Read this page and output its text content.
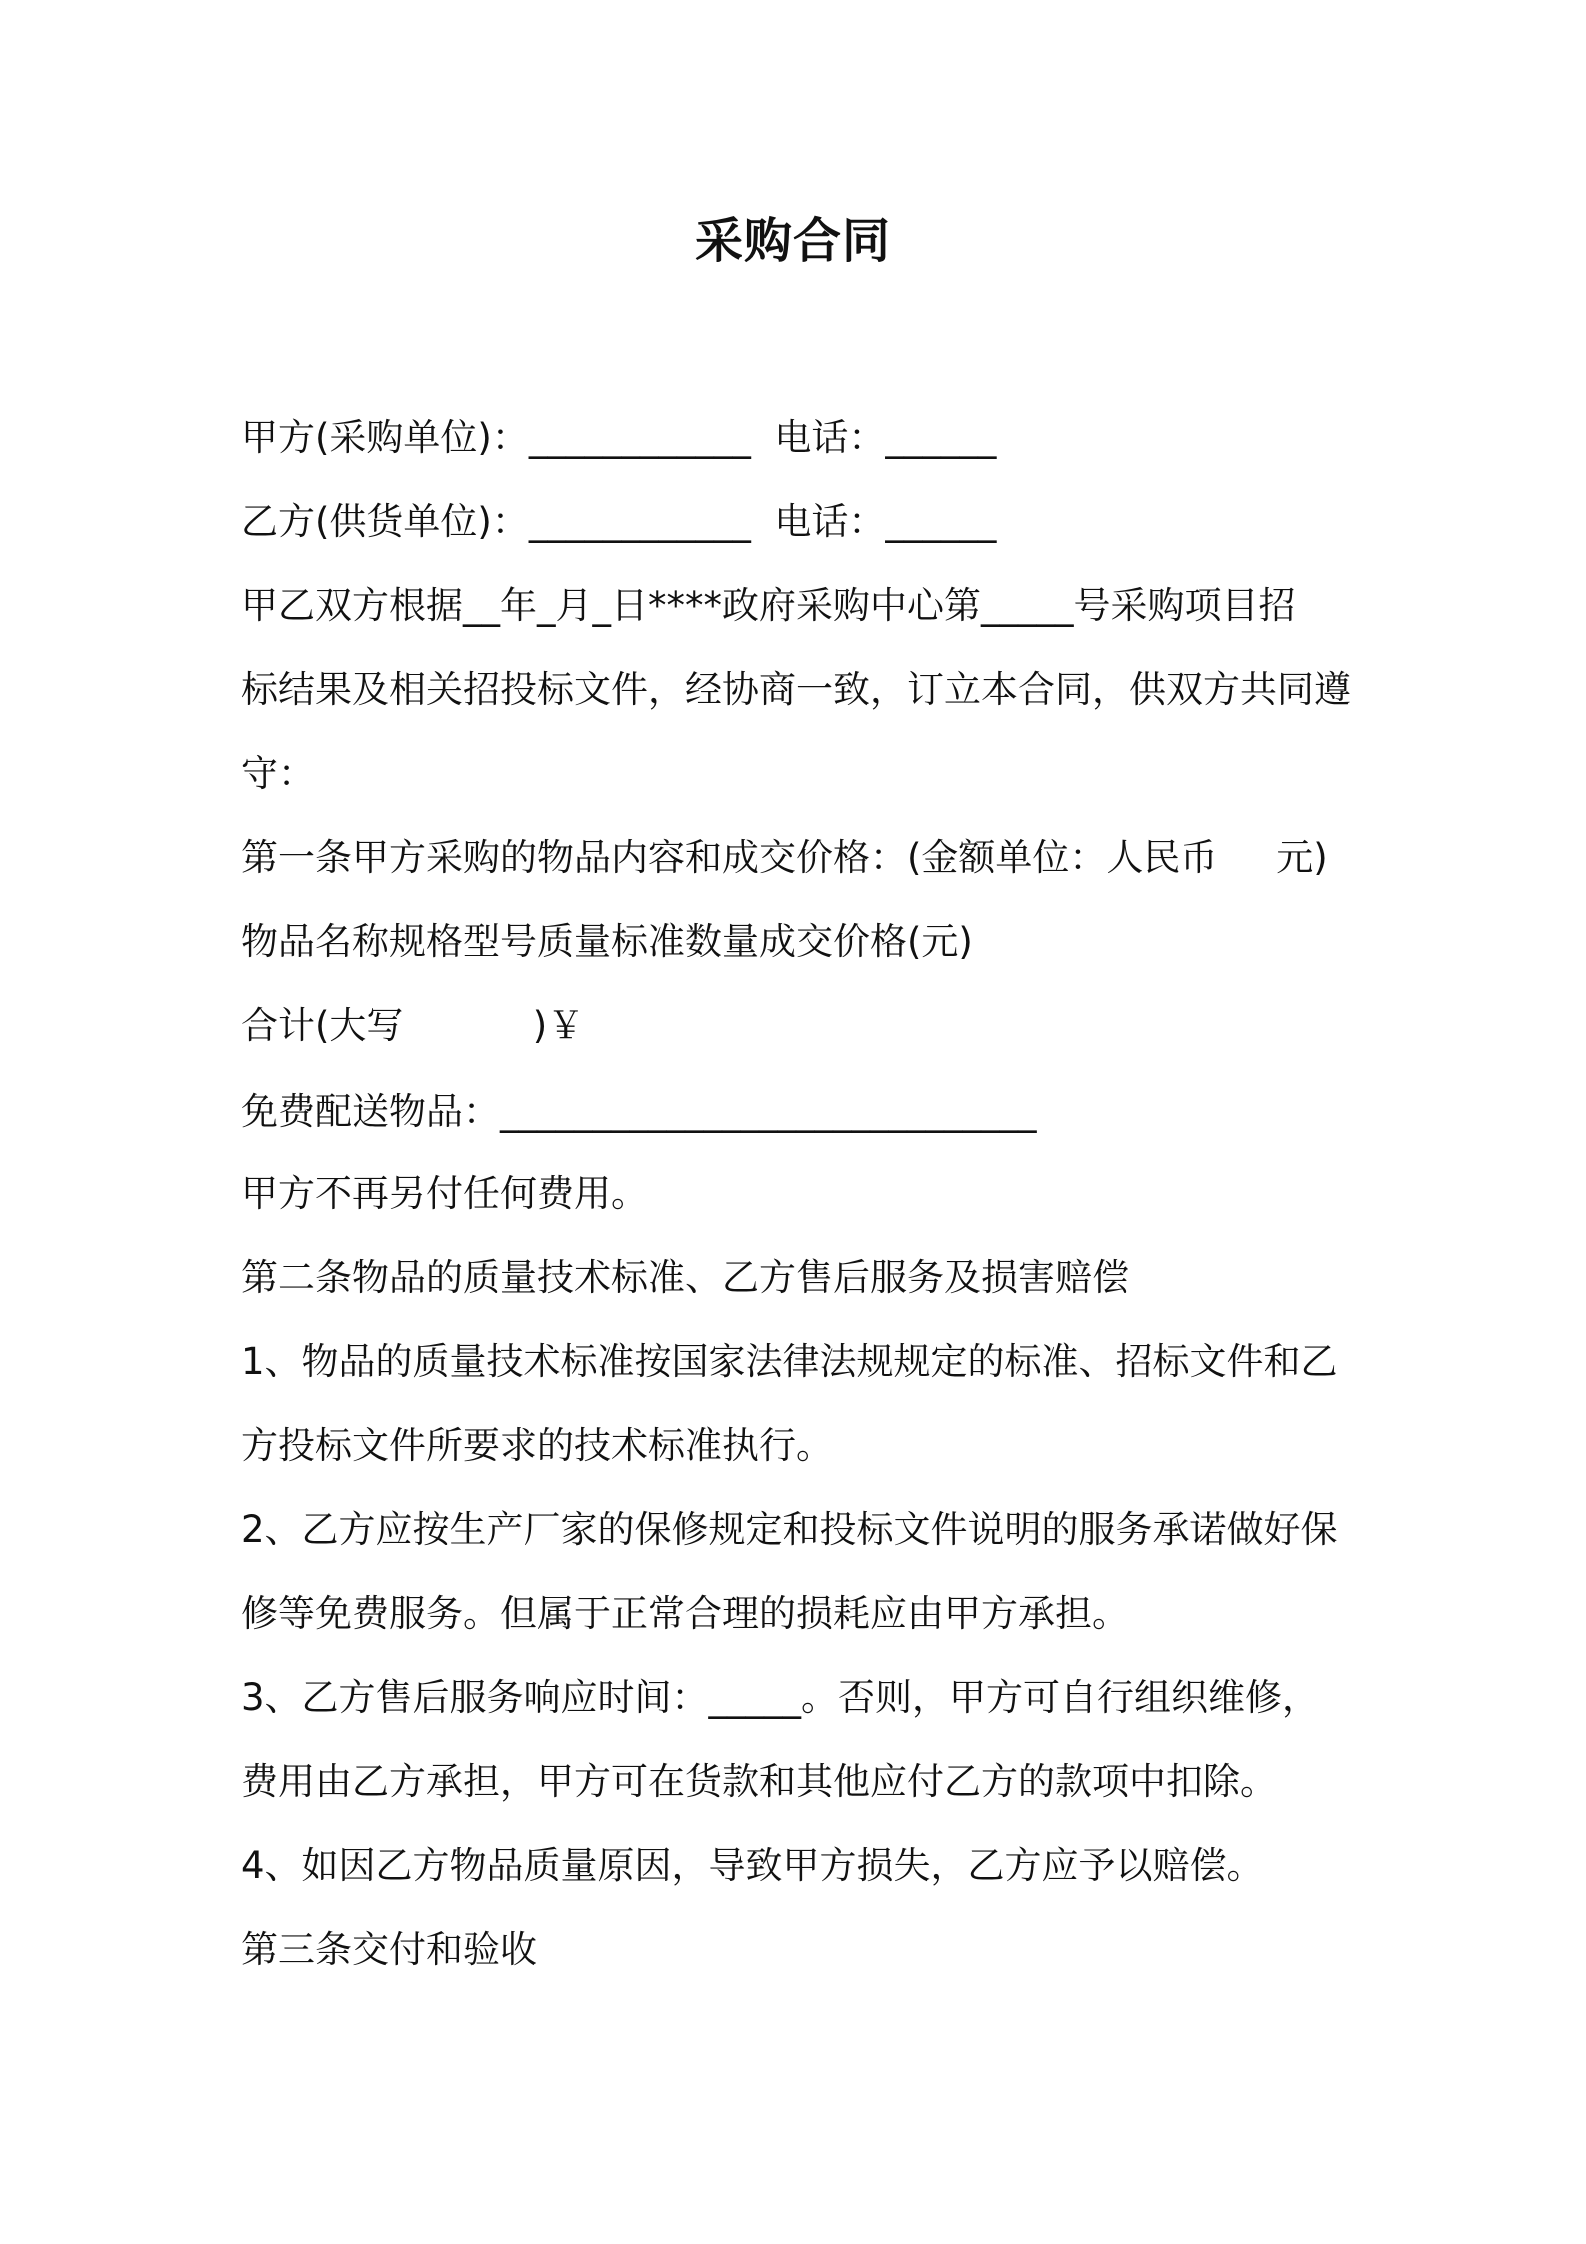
采购合同
甲方(采购单位)：____________  电话：______
乙方(供货单位)：____________  电话：______
甲乙双方根据__年_月_日****政府采购中心第_____号采购项目招
标结果及相关招投标文件，经协商一致，订立本合同，供双方共同遵
守：
第一条甲方采购的物品内容和成交价格：(金额单位：人民币     元)
物品名称规格型号质量标准数量成交价格(元)
合计(大写           )￥
免费配送物品：_____________________________
甲方不再另付任何费用。
第二条物品的质量技术标准、乙方售后服务及损害赔偿
1、物品的质量技术标准按国家法律法规规定的标准、招标文件和乙
方投标文件所要求的技术标准执行。
2、乙方应按生产厂家的保修规定和投标文件说明的服务承诺做好保
修等免费服务。但属于正常合理的损耗应由甲方承担。
3、乙方售后服务响应时间：_____。否则，甲方可自行组织维修，
费用由乙方承担，甲方可在货款和其他应付乙方的款项中扣除。
4、如因乙方物品质量原因，导致甲方损失，乙方应予以赔偿。
第三条交付和验收
